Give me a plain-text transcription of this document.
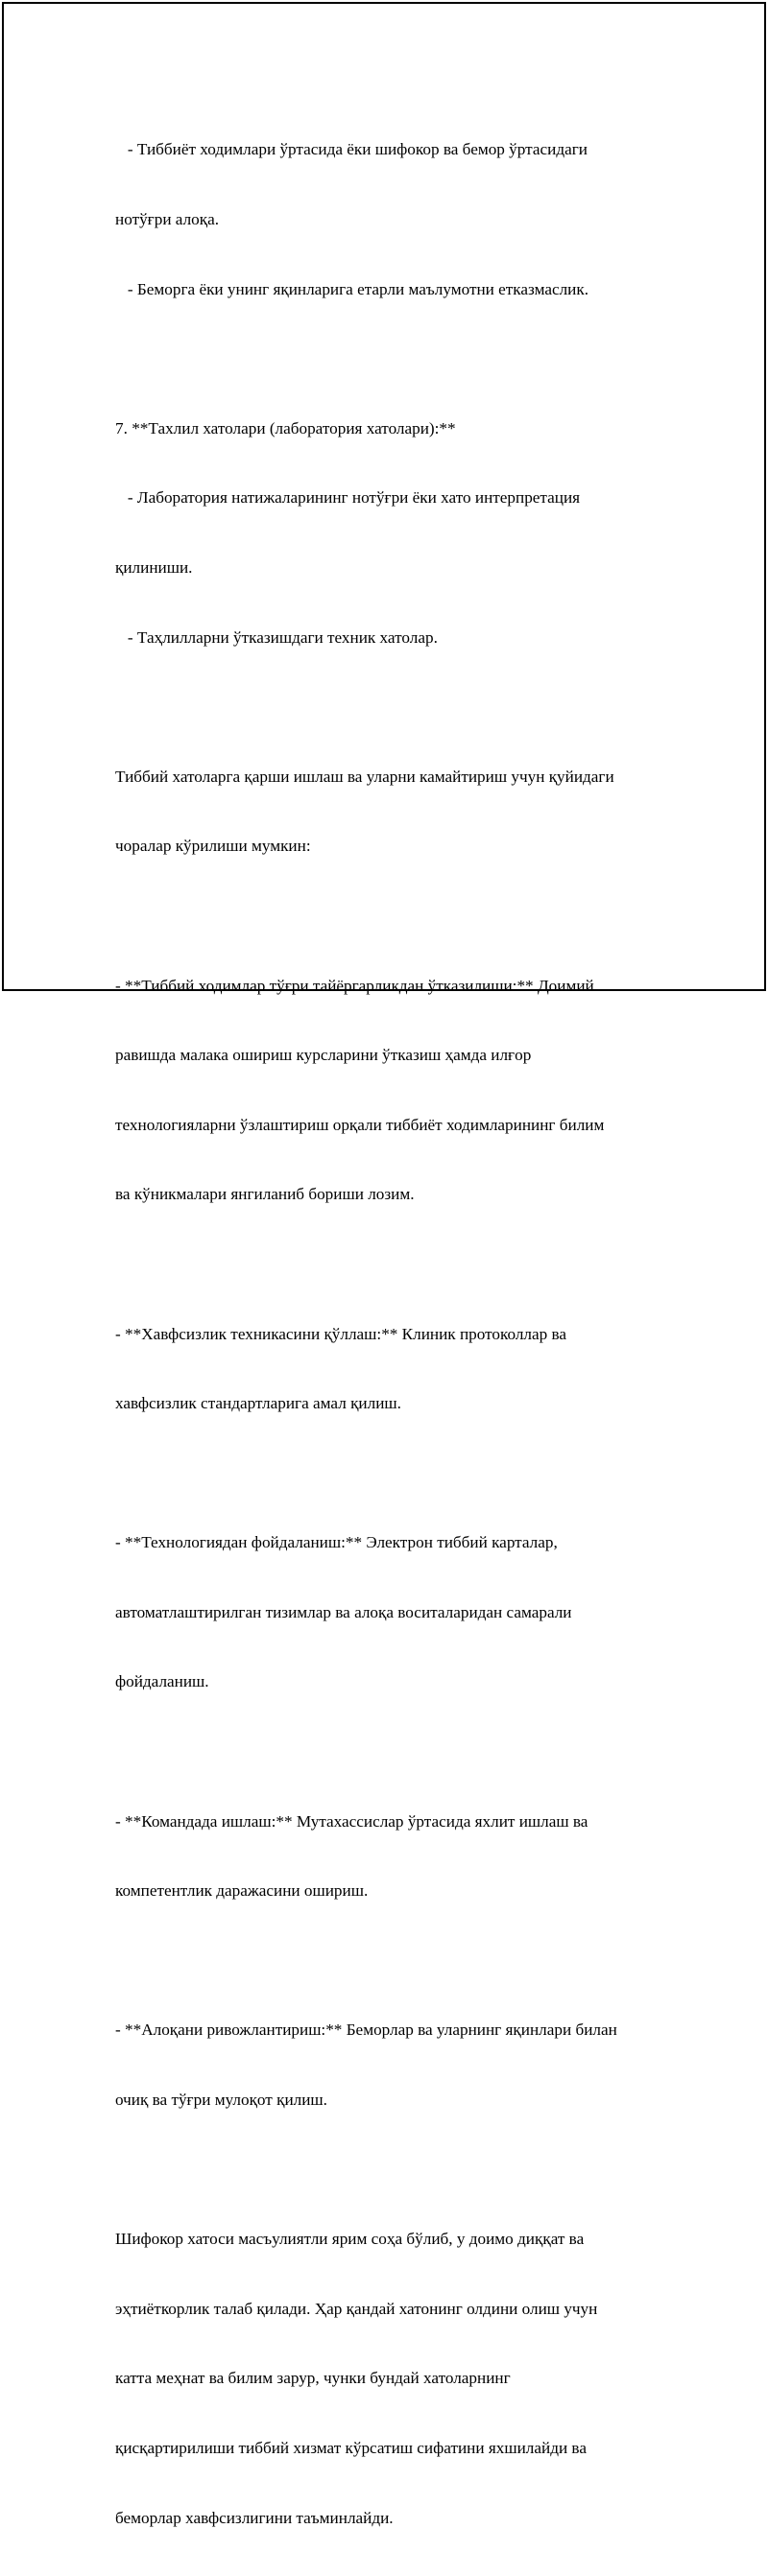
- Тиббиёт ходимлари ўртасида ёки шифокор ва бемор ўртасидаги

нотўғри алоқа.

- Беморга ёки унинг яқинларига етарли маълумотни етказмаслик.

7. **Тахлил хатолари (лаборатория хатолари):**

- Лаборатория натижаларининг нотўғри ёки хато интерпретация

қилиниши.

- Таҳлилларни ўтказишдаги техник хатолар.

Тиббий хатоларга қарши ишлаш ва уларни камайтириш учун қуйидаги

чоралар кўрилиши мумкин:

- **Тиббий ходимлар тўғри тайёргарликдан ўтказилиши:** Доимий

равишда малака ошириш курсларини ўтказиш ҳамда илғор

технологияларни ўзлаштириш орқали тиббиёт ходимларининг билим

ва кўникмалари янгиланиб бориши лозим.

- **Хавфсизлик техникасини қўллаш:** Клиник протоколлар ва

хавфсизлик стандартларига амал қилиш.

- **Технологиядан фойдаланиш:** Электрон тиббий карталар,

автоматлаштирилган тизимлар ва алоқа воситаларидан самарали

фойдаланиш.

- **Командада ишлаш:** Мутахассислар ўртасида яхлит ишлаш ва

компетентлик даражасини ошириш.

- **Алоқани ривожлантириш:** Беморлар ва уларнинг яқинлари билан

очиқ ва тўғри мулоқот қилиш.

Шифокор хатоси масъулиятли ярим соҳа бўлиб, у доимо диққат ва

эҳтиёткорлик талаб қилади. Ҳар қандай хатонинг олдини олиш учун

катта меҳнат ва билим зарур, чунки бундай хатоларнинг

қисқартирилиши тиббий хизмат кўрсатиш сифатини яхшилайди ва

беморлар хавфсизлигини таъминлайди.
